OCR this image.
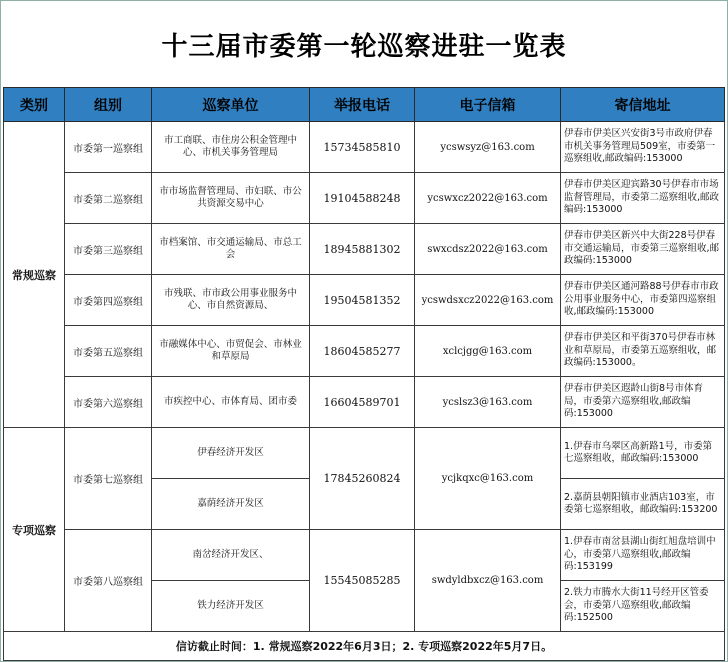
十三届市委第一轮巡察进驻一览表
类别	组别	巡察单位	举报电话	电子信箱	寄信地址
常规巡察	市委第一巡察组	市工商联、市住房公积金管理中心、市机关事务管理局	15734585810	ycswsyz@163.com	伊春市伊美区兴安街3号市政府伊春市机关事务管理局509室，市委第一巡察组收,邮政编码:153000
	市委第二巡察组	市市场监督管理局、市妇联、市公共资源交易中心	19104588248	ycswxcz2022@163.com	伊春市伊美区迎宾路30号伊春市市场监督管理局，市委第二巡察组收,邮政编码:153000
	市委第三巡察组	市档案馆、市交通运输局、市总工会	18945881302	swxcdsz2022@163.com	伊春市伊美区新兴中大街228号伊春市交通运输局，市委第三巡察组收,邮政编码:153000
	市委第四巡察组	市残联、市市政公用事业服务中心、市自然资源局、	19504581352	ycswdsxcz2022@163.com	伊春市伊美区通河路88号伊春市市政公用事业服务中心，市委第四巡察组收,邮政编码:153000
	市委第五巡察组	市融媒体中心、市贸促会、市林业和草原局	18604585277	xclcjgg@163.com	伊春市伊美区和平街370号伊春市林业和草原局，市委第五巡察组收，邮政编码:153000。
	市委第六巡察组	市疾控中心、市体育局、团市委	16604589701	ycslsz3@163.com	伊春市伊美区遐龄山街8号市体育局，市委第六巡察组收,邮政编码:153000
专项巡察	市委第七巡察组	伊春经济开发区	17845260824	ycjkqxc@163.com	1.伊春市乌翠区高新路1号，市委第七巡察组收，邮政编码:153000
		嘉荫经济开发区			2.嘉荫县朝阳镇市业酒店103室，市委第七巡察组收，邮政编码:153200
	市委第八巡察组	南岔经济开发区、	15545085285	swdyldbxcz@163.com	1.伊春市南岔县湖山街红旭盘培训中心，市委第八巡察组收,邮政编码:153199
		铁力经济开发区			2.铁力市腾水大街11号经开区管委会，市委第八巡察组收,邮政编码:152500
信访截止时间：1. 常规巡察2022年6月3日；2. 专项巡察2022年5月7日。					
